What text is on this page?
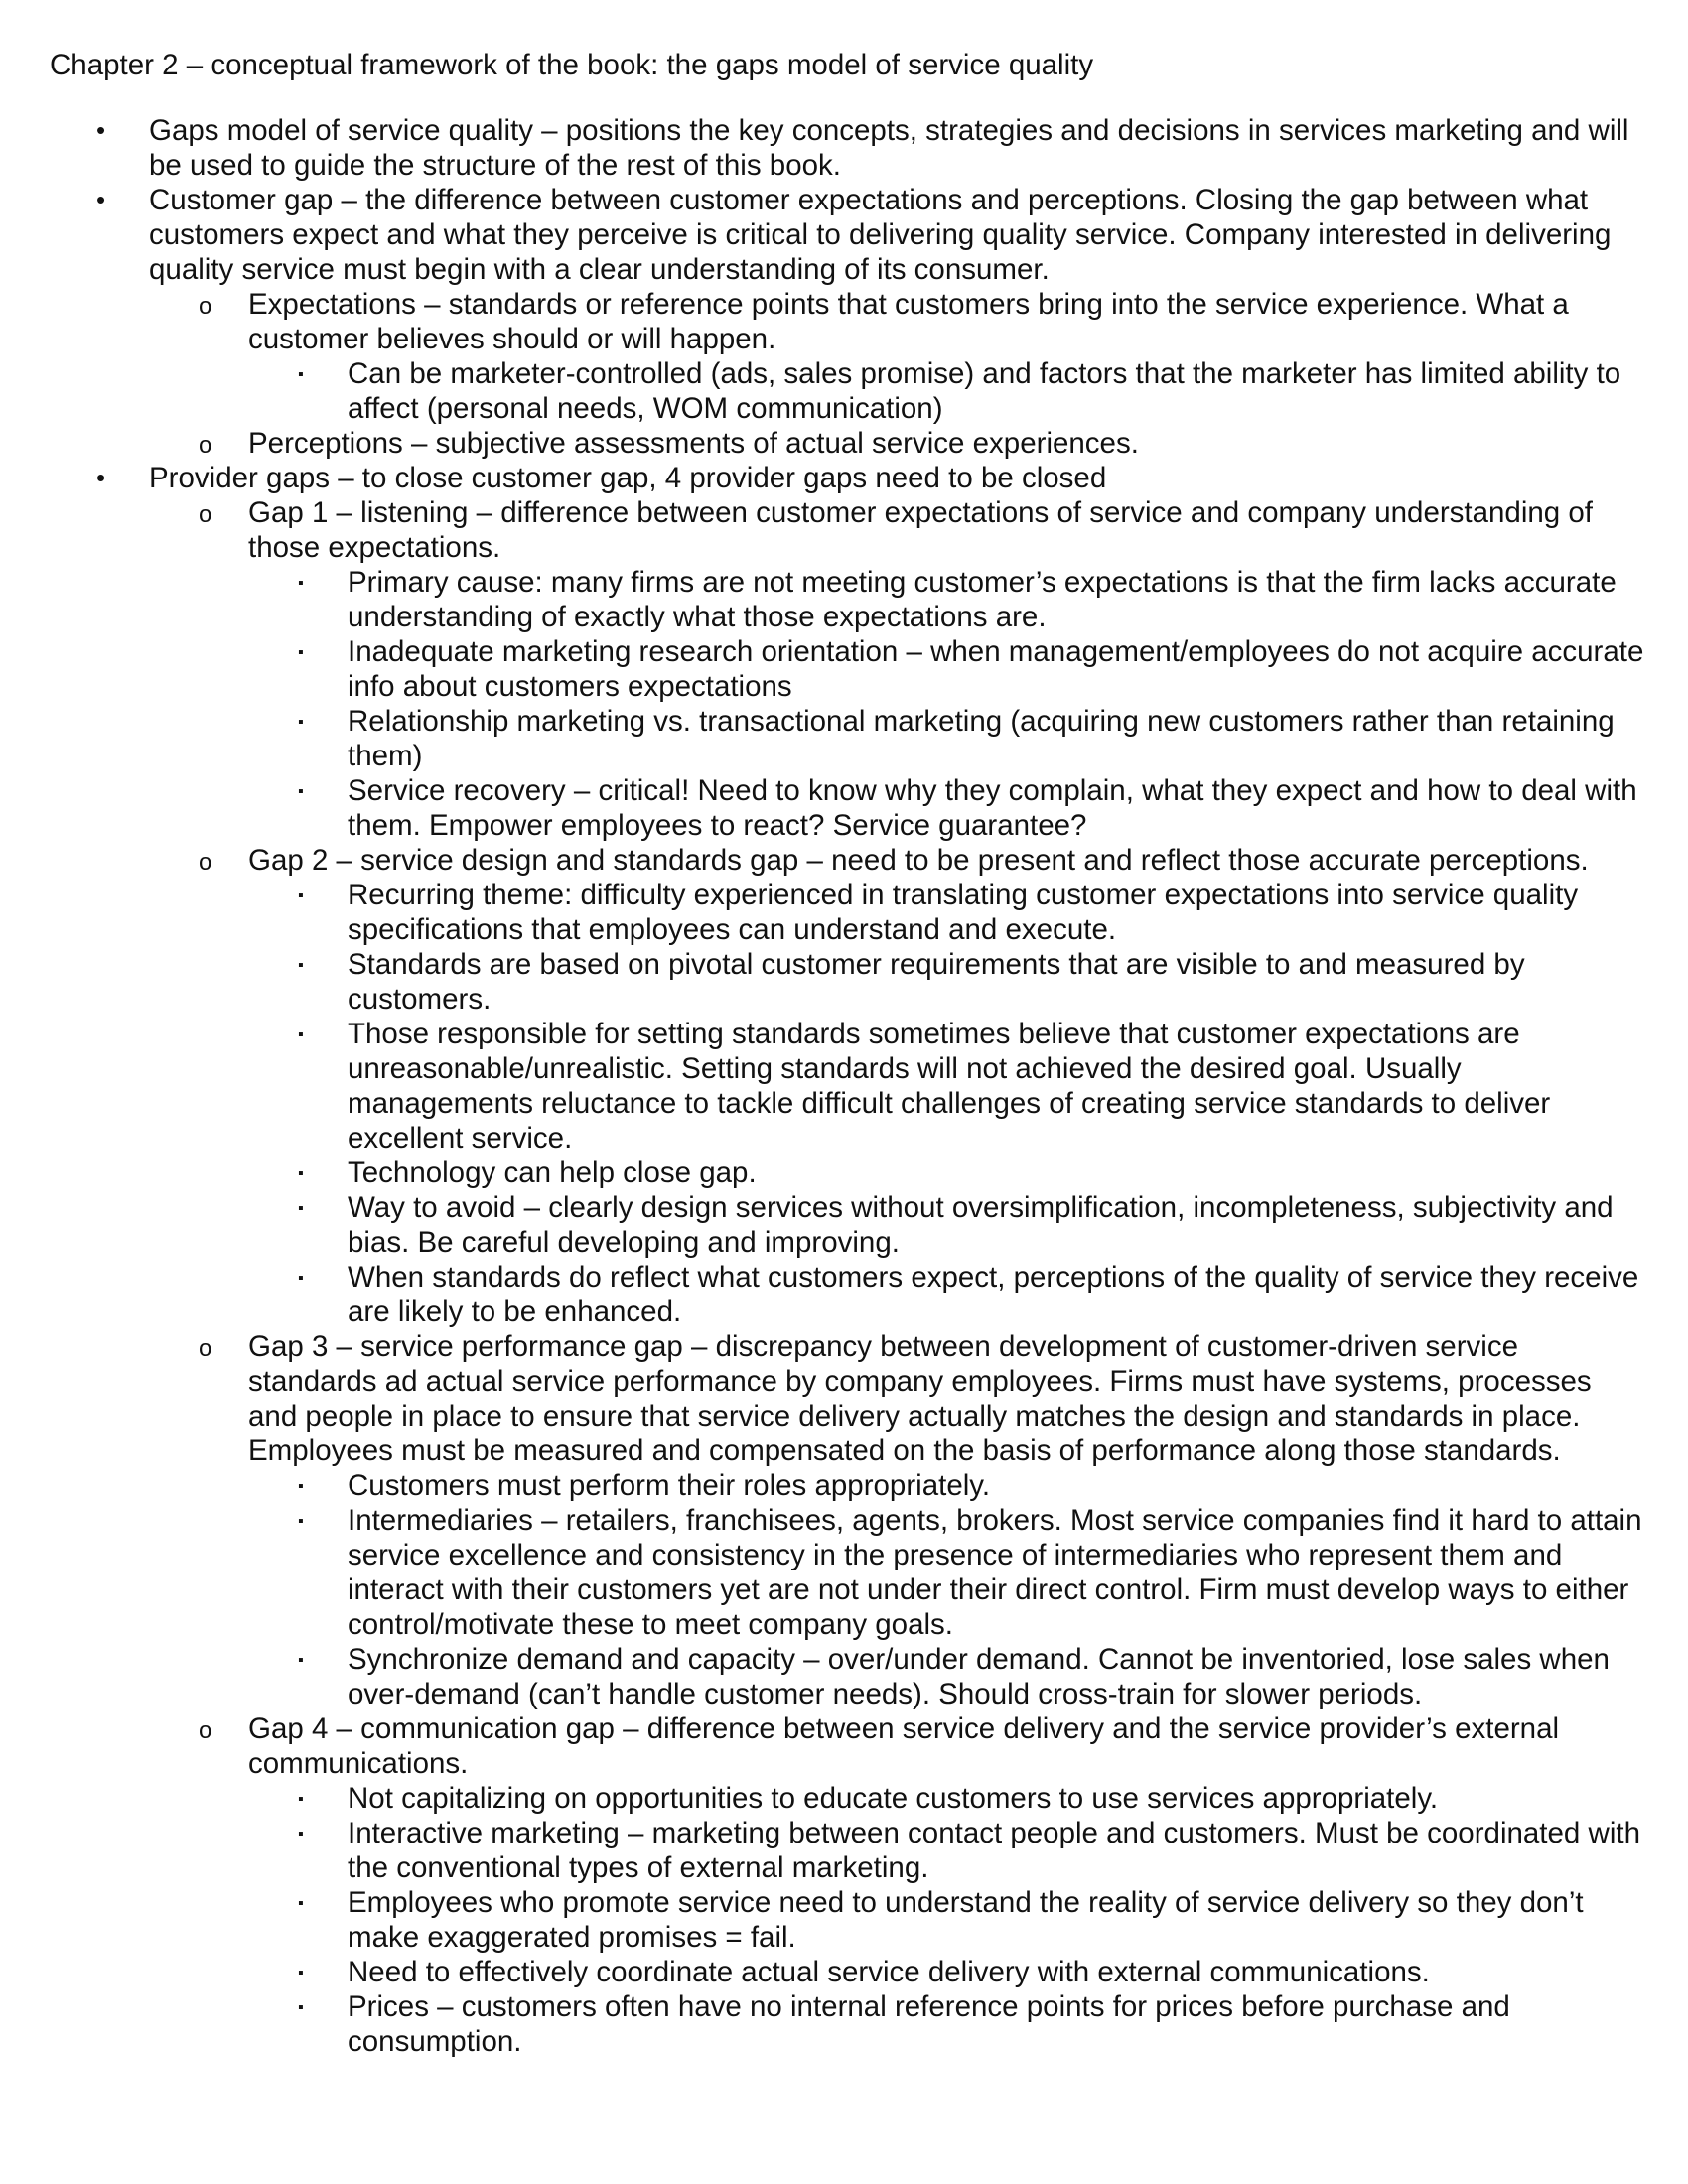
Chapter 2 – conceptual framework of the book: the gaps model of service quality
• Gaps model of service quality – positions the key concepts, strategies and decisions in services marketing and will be used to guide the structure of the rest of this book.
• Customer gap – the difference between customer expectations and perceptions. Closing the gap between what customers expect and what they perceive is critical to delivering quality service. Company interested in delivering quality service must begin with a clear understanding of its consumer.
o Expectations – standards or reference points that customers bring into the service experience. What a customer believes should or will happen.
▪ Can be marketer-controlled (ads, sales promise) and factors that the marketer has limited ability to affect (personal needs, WOM communication)
o Perceptions – subjective assessments of actual service experiences.
• Provider gaps – to close customer gap, 4 provider gaps need to be closed
o Gap 1 – listening – difference between customer expectations of service and company understanding of those expectations.
▪ Primary cause: many firms are not meeting customer’s expectations is that the firm lacks accurate understanding of exactly what those expectations are.
▪ Inadequate marketing research orientation – when management/employees do not acquire accurate info about customers expectations
▪ Relationship marketing vs. transactional marketing (acquiring new customers rather than retaining them)
▪ Service recovery – critical! Need to know why they complain, what they expect and how to deal with them. Empower employees to react? Service guarantee?
o Gap 2 – service design and standards gap – need to be present and reflect those accurate perceptions.
▪ Recurring theme: difficulty experienced in translating customer expectations into service quality specifications that employees can understand and execute.
▪ Standards are based on pivotal customer requirements that are visible to and measured by customers.
▪ Those responsible for setting standards sometimes believe that customer expectations are unreasonable/unrealistic. Setting standards will not achieved the desired goal. Usually managements reluctance to tackle difficult challenges of creating service standards to deliver excellent service.
▪ Technology can help close gap.
▪ Way to avoid – clearly design services without oversimplification, incompleteness, subjectivity and bias. Be careful developing and improving.
▪ When standards do reflect what customers expect, perceptions of the quality of service they receive are likely to be enhanced.
o Gap 3 – service performance gap – discrepancy between development of customer-driven service standards ad actual service performance by company employees. Firms must have systems, processes and people in place to ensure that service delivery actually matches the design and standards in place. Employees must be measured and compensated on the basis of performance along those standards.
▪ Customers must perform their roles appropriately.
▪ Intermediaries – retailers, franchisees, agents, brokers. Most service companies find it hard to attain service excellence and consistency in the presence of intermediaries who represent them and interact with their customers yet are not under their direct control. Firm must develop ways to either control/motivate these to meet company goals.
▪ Synchronize demand and capacity – over/under demand. Cannot be inventoried, lose sales when over-demand (can’t handle customer needs). Should cross-train for slower periods.
o Gap 4 – communication gap – difference between service delivery and the service provider’s external communications.
▪ Not capitalizing on opportunities to educate customers to use services appropriately.
▪ Interactive marketing – marketing between contact people and customers. Must be coordinated with the conventional types of external marketing.
▪ Employees who promote service need to understand the reality of service delivery so they don’t make exaggerated promises = fail.
▪ Need to effectively coordinate actual service delivery with external communications.
▪ Prices – customers often have no internal reference points for prices before purchase and consumption.
